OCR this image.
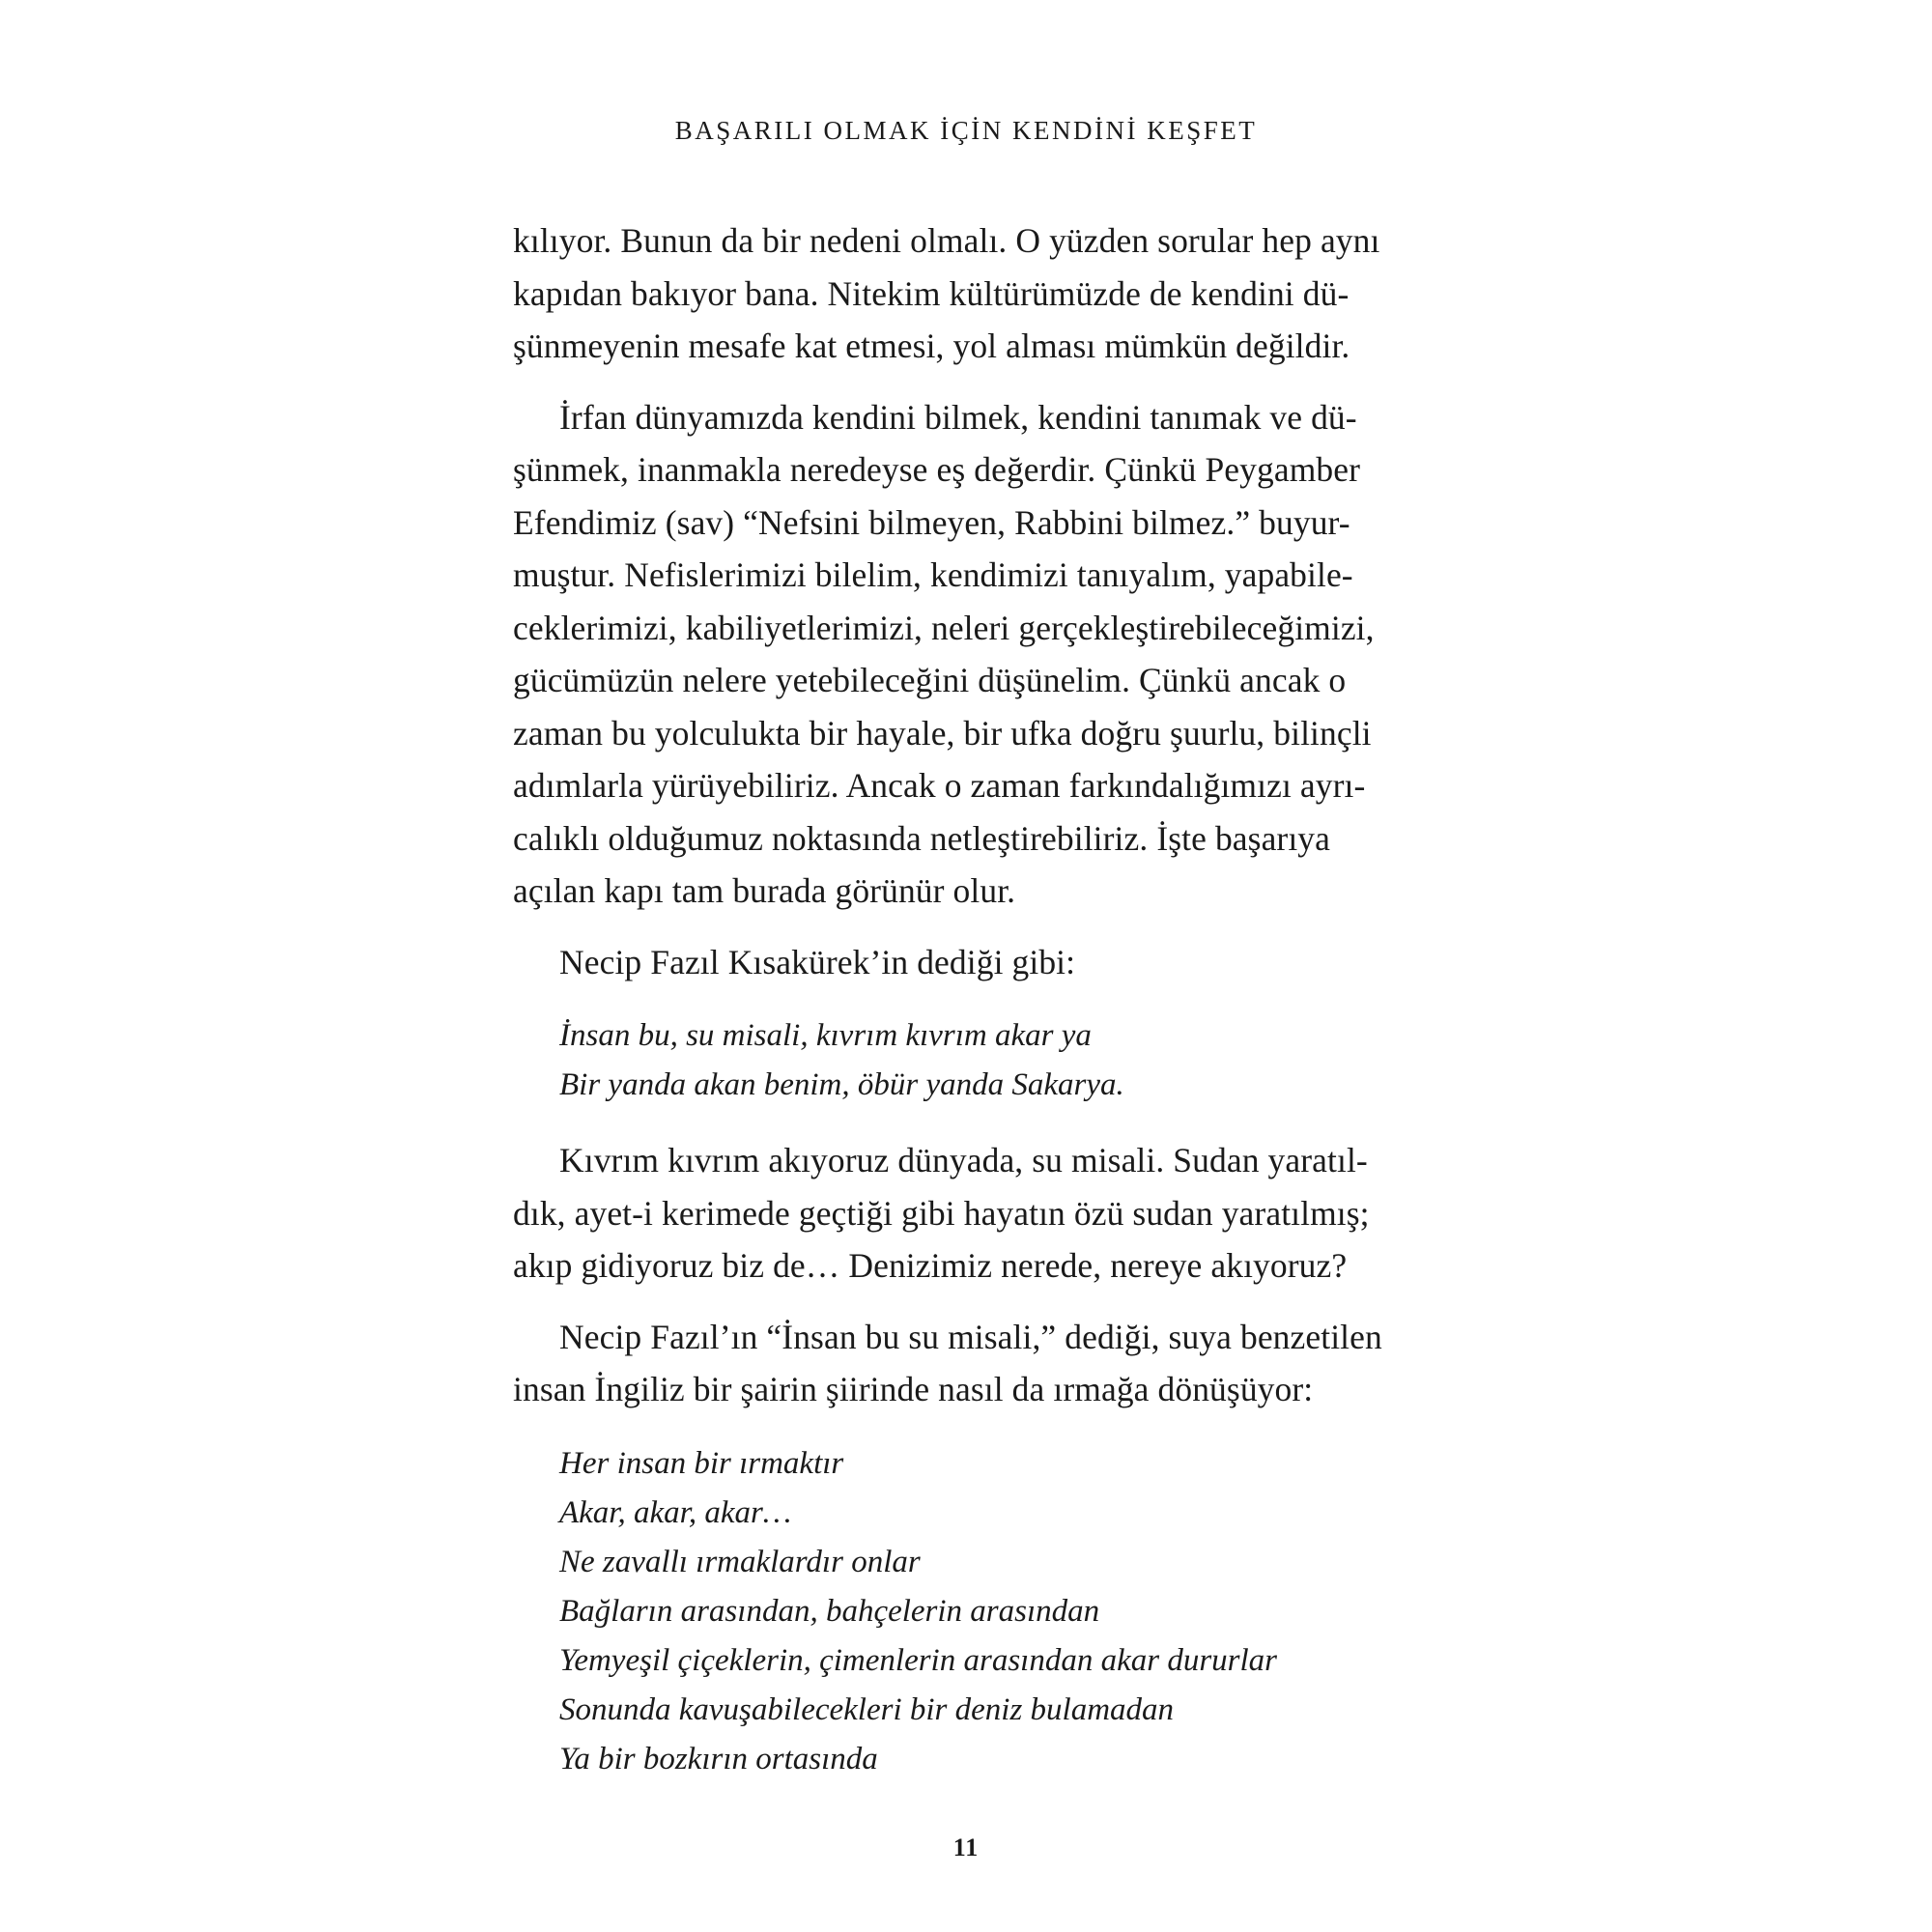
BAŞARILI OLMAK İÇİN KENDİNİ KEŞFET

kılıyor. Bunun da bir nedeni olmalı. O yüzden sorular hep aynı
kapıdan bakıyor bana. Nitekim kültürümüzde de kendini dü-
şünmeyenin mesafe kat etmesi, yol alması mümkün değildir.

İrfan dünyamızda kendini bilmek, kendini tanımak ve dü-
şünmek, inanmakla neredeyse eş değerdir. Çünkü Peygamber
Efendimiz (sav) “Nefsini bilmeyen, Rabbini bilmez.” buyur-
muştur. Nefislerimizi bilelim, kendimizi tanıyalım, yapabile-
ceklerimizi, kabiliyetlerimizi, neleri gerçekleştirebileceğimizi,
gücümüzün nelere yetebileceğini düşünelim. Çünkü ancak o
zaman bu yolculukta bir hayale, bir ufka doğru şuurlu, bilinçli
adımlarla yürüyebiliriz. Ancak o zaman farkındalığımızı ayrı-
calıklı olduğumuz noktasında netleştirebiliriz. İşte başarıya
açılan kapı tam burada görünür olur.

Necip Fazıl Kısakürek’in dediği gibi:

İnsan bu, su misali, kıvrım kıvrım akar ya
Bir yanda akan benim, öbür yanda Sakarya.

Kıvrım kıvrım akıyoruz dünyada, su misali. Sudan yaratıl-
dık, ayet-i kerimede geçtiği gibi hayatın özü sudan yaratılmış;
akıp gidiyoruz biz de… Denizimiz nerede, nereye akıyoruz?

Necip Fazıl’ın “İnsan bu su misali,” dediği, suya benzetilen
insan İngiliz bir şairin şiirinde nasıl da ırmağa dönüşüyor:

Her insan bir ırmaktır
Akar, akar, akar…
Ne zavallı ırmaklardır onlar
Bağların arasından, bahçelerin arasından
Yemyeşil çiçeklerin, çimenlerin arasından akar dururlar
Sonunda kavuşabilecekleri bir deniz bulamadan
Ya bir bozkırın ortasında
11
